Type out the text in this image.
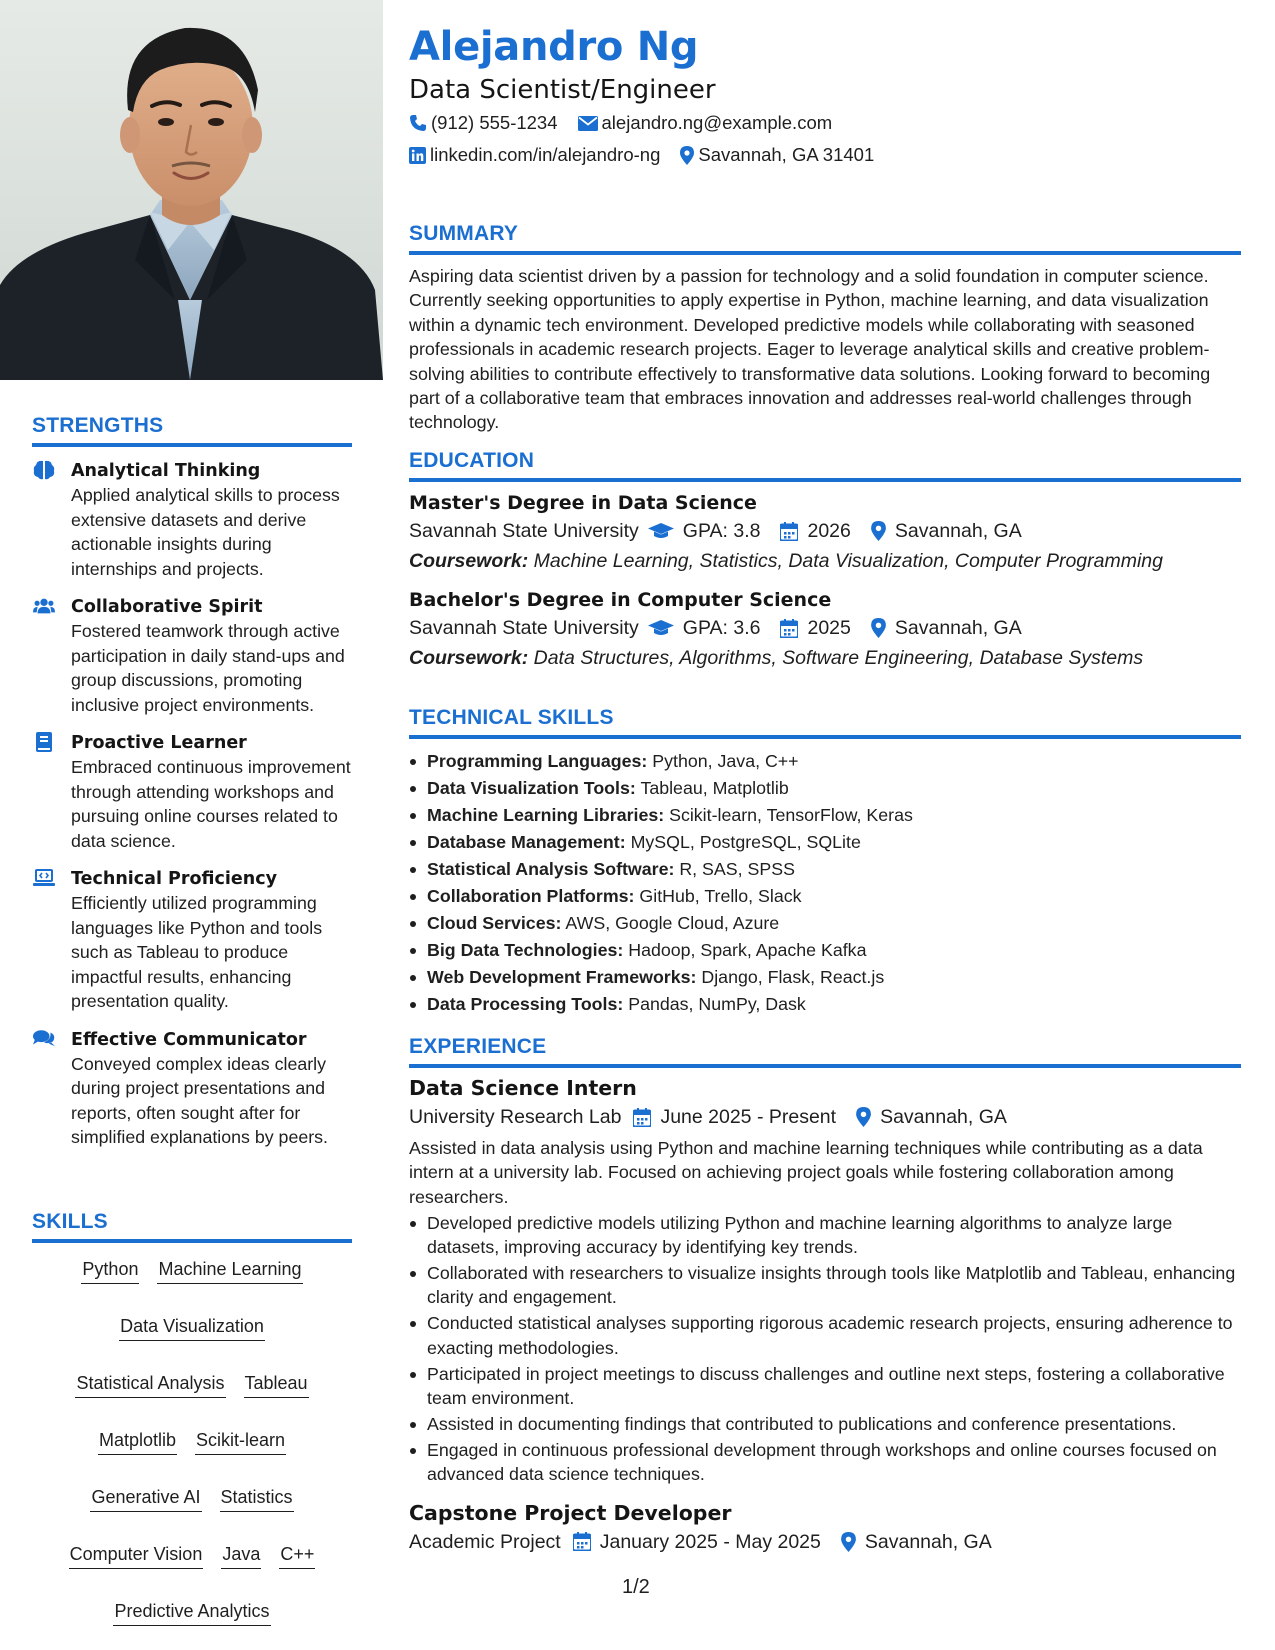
STRENGTHS
Analytical Thinking
Applied analytical skills to process extensive datasets and derive actionable insights during internships and projects.
Collaborative Spirit
Fostered teamwork through active participation in daily stand-ups and group discussions, promoting inclusive project environments.
Proactive Learner
Embraced continuous improvement through attending workshops and pursuing online courses related to data science.
Technical Proficiency
Efficiently utilized programming languages like Python and tools such as Tableau to produce impactful results, enhancing presentation quality.
Effective Communicator
Conveyed complex ideas clearly during project presentations and reports, often sought after for simplified explanations by peers.
SKILLS
Python Machine Learning
Data Visualization
Statistical Analysis Tableau
Matplotlib Scikit-learn
Generative AI Statistics
Computer Vision Java C++
Predictive Analytics
Alejandro Ng
Data Scientist/Engineer
(912) 555-1234 alejandro.ng@example.com
linkedin.com/in/alejandro-ng Savannah, GA 31401
SUMMARY
Aspiring data scientist driven by a passion for technology and a solid foundation in computer science. Currently seeking opportunities to apply expertise in Python, machine learning, and data visualization within a dynamic tech environment. Developed predictive models while collaborating with seasoned professionals in academic research projects. Eager to leverage analytical skills and creative problem-solving abilities to contribute effectively to transformative data solutions. Looking forward to becoming part of a collaborative team that embraces innovation and addresses real-world challenges through technology.
EDUCATION
Master's Degree in Data Science
Savannah State University GPA: 3.8 2026 Savannah, GA
Coursework: Machine Learning, Statistics, Data Visualization, Computer Programming
Bachelor's Degree in Computer Science
Savannah State University GPA: 3.6 2025 Savannah, GA
Coursework: Data Structures, Algorithms, Software Engineering, Database Systems
TECHNICAL SKILLS
Programming Languages: Python, Java, C++
Data Visualization Tools: Tableau, Matplotlib
Machine Learning Libraries: Scikit-learn, TensorFlow, Keras
Database Management: MySQL, PostgreSQL, SQLite
Statistical Analysis Software: R, SAS, SPSS
Collaboration Platforms: GitHub, Trello, Slack
Cloud Services: AWS, Google Cloud, Azure
Big Data Technologies: Hadoop, Spark, Apache Kafka
Web Development Frameworks: Django, Flask, React.js
Data Processing Tools: Pandas, NumPy, Dask
EXPERIENCE
Data Science Intern
University Research Lab June 2025 - Present Savannah, GA
Assisted in data analysis using Python and machine learning techniques while contributing as a data intern at a university lab. Focused on achieving project goals while fostering collaboration among researchers.
Developed predictive models utilizing Python and machine learning algorithms to analyze large datasets, improving accuracy by identifying key trends.
Collaborated with researchers to visualize insights through tools like Matplotlib and Tableau, enhancing clarity and engagement.
Conducted statistical analyses supporting rigorous academic research projects, ensuring adherence to exacting methodologies.
Participated in project meetings to discuss challenges and outline next steps, fostering a collaborative team environment.
Assisted in documenting findings that contributed to publications and conference presentations.
Engaged in continuous professional development through workshops and online courses focused on advanced data science techniques.
Capstone Project Developer
Academic Project January 2025 - May 2025 Savannah, GA
1/2
